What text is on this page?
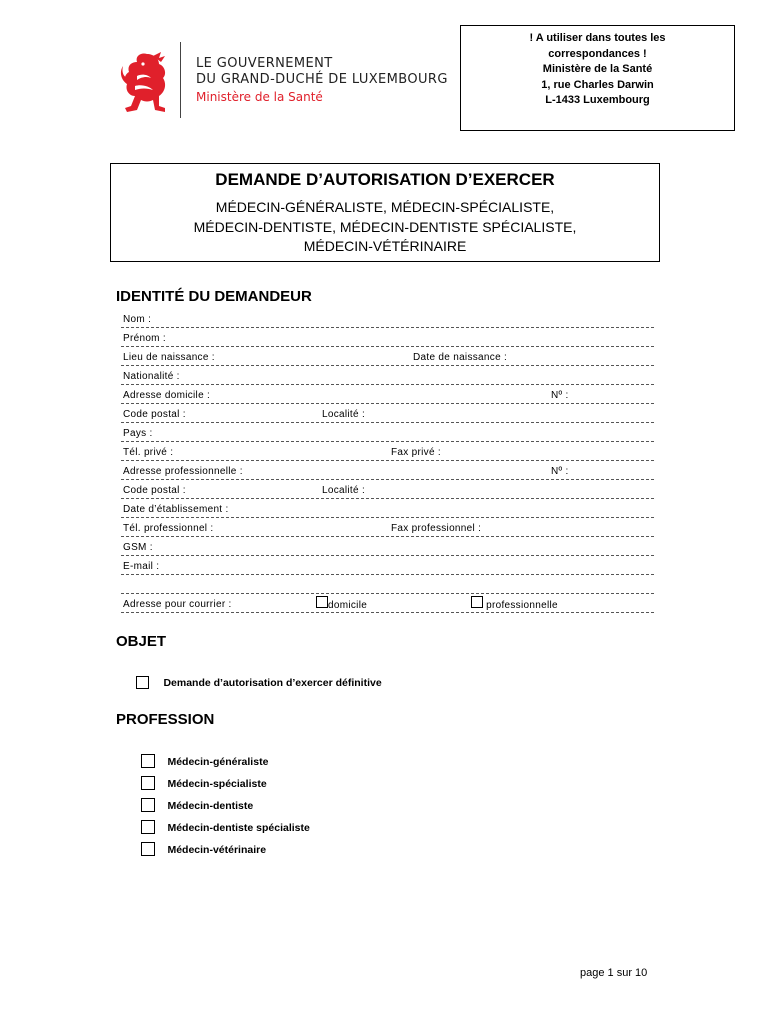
LE GOUVERNEMENT
DU GRAND-DUCHÉ DE LUXEMBOURG
Ministère de la Santé
! A utiliser dans toutes les
correspondances !
Ministère de la Santé
1, rue Charles Darwin
L-1433 Luxembourg
DEMANDE D’AUTORISATION D’EXERCER
MÉDECIN-GÉNÉRALISTE, MÉDECIN-SPÉCIALISTE,
MÉDECIN-DENTISTE, MÉDECIN-DENTISTE SPÉCIALISTE,
MÉDECIN-VÉTÉRINAIRE
IDENTITÉ DU DEMANDEUR
Nom :
Prénom :
Lieu de naissance :	Date de naissance :
Nationalité :
Adresse domicile :	Nº :
Code postal :	Localité :
Pays :
Tél. privé :	Fax privé :
Adresse professionnelle :	Nº :
Code postal :	Localité :
Date d’établissement :
Tél. professionnel :	Fax professionnel :
GSM :
E-mail :
Adresse pour courrier :	domicile	professionnelle
OBJET
Demande d’autorisation d’exercer définitive
PROFESSION
Médecin-généraliste
Médecin-spécialiste
Médecin-dentiste
Médecin-dentiste spécialiste
Médecin-vétérinaire
page 1 sur 10
